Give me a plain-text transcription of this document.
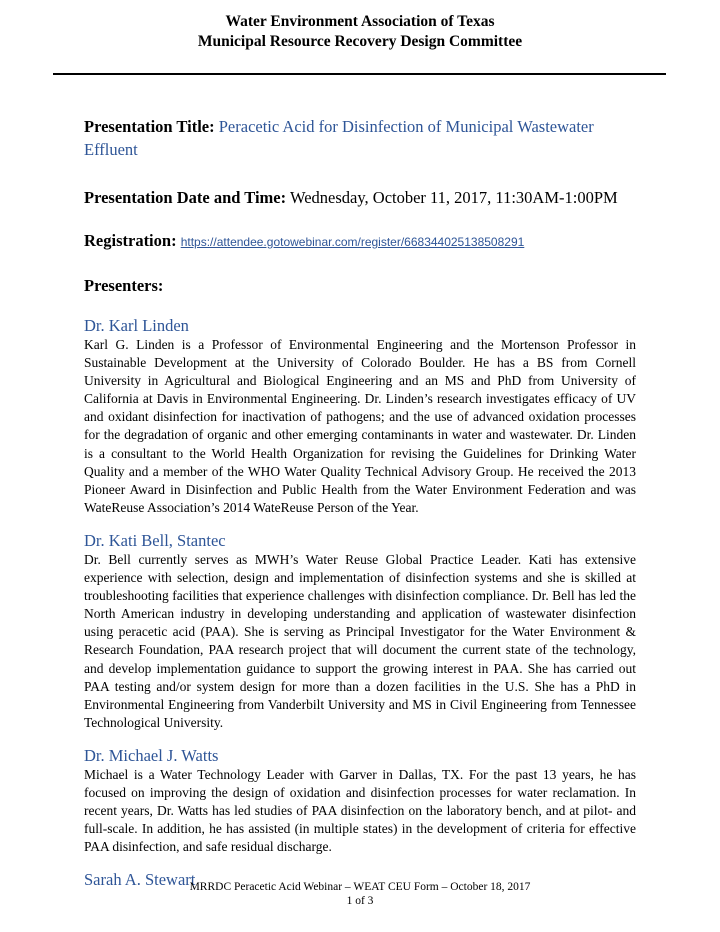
Water Environment Association of Texas
Municipal Resource Recovery Design Committee
Presentation Title: Peracetic Acid for Disinfection of Municipal Wastewater Effluent
Presentation Date and Time: Wednesday, October 11, 2017, 11:30AM-1:00PM
Registration: https://attendee.gotowebinar.com/register/668344025138508291
Presenters:

Dr. Karl Linden

Karl G. Linden is a Professor of Environmental Engineering and the Mortenson Professor in Sustainable Development at the University of Colorado Boulder. He has a BS from Cornell University in Agricultural and Biological Engineering and an MS and PhD from University of California at Davis in Environmental Engineering. Dr. Linden’s research investigates efficacy of UV and oxidant disinfection for inactivation of pathogens; and the use of advanced oxidation processes for the degradation of organic and other emerging contaminants in water and wastewater. Dr. Linden is a consultant to the World Health Organization for revising the Guidelines for Drinking Water Quality and a member of the WHO Water Quality Technical Advisory Group. He received the 2013 Pioneer Award in Disinfection and Public Health from the Water Environment Federation and was WateReuse Association’s 2014 WateReuse Person of the Year.

Dr. Kati Bell, Stantec

Dr. Bell currently serves as MWH’s Water Reuse Global Practice Leader. Kati has extensive experience with selection, design and implementation of disinfection systems and she is skilled at troubleshooting facilities that experience challenges with disinfection compliance. Dr. Bell has led the North American industry in developing understanding and application of wastewater disinfection using peracetic acid (PAA). She is serving as Principal Investigator for the Water Environment & Research Foundation, PAA research project that will document the current state of the technology, and develop implementation guidance to support the growing interest in PAA. She has carried out PAA testing and/or system design for more than a dozen facilities in the U.S. She has a PhD in Environmental Engineering from Vanderbilt University and MS in Civil Engineering from Tennessee Technological University.

Dr. Michael J. Watts

Michael is a Water Technology Leader with Garver in Dallas, TX. For the past 13 years, he has focused on improving the design of oxidation and disinfection processes for water reclamation. In recent years, Dr. Watts has led studies of PAA disinfection on the laboratory bench, and at pilot- and full-scale. In addition, he has assisted (in multiple states) in the development of criteria for effective PAA disinfection, and safe residual discharge.

Sarah A. Stewart

MRRDC Peracetic Acid Webinar – WEAT CEU Form – October 18, 2017
1 of 3
